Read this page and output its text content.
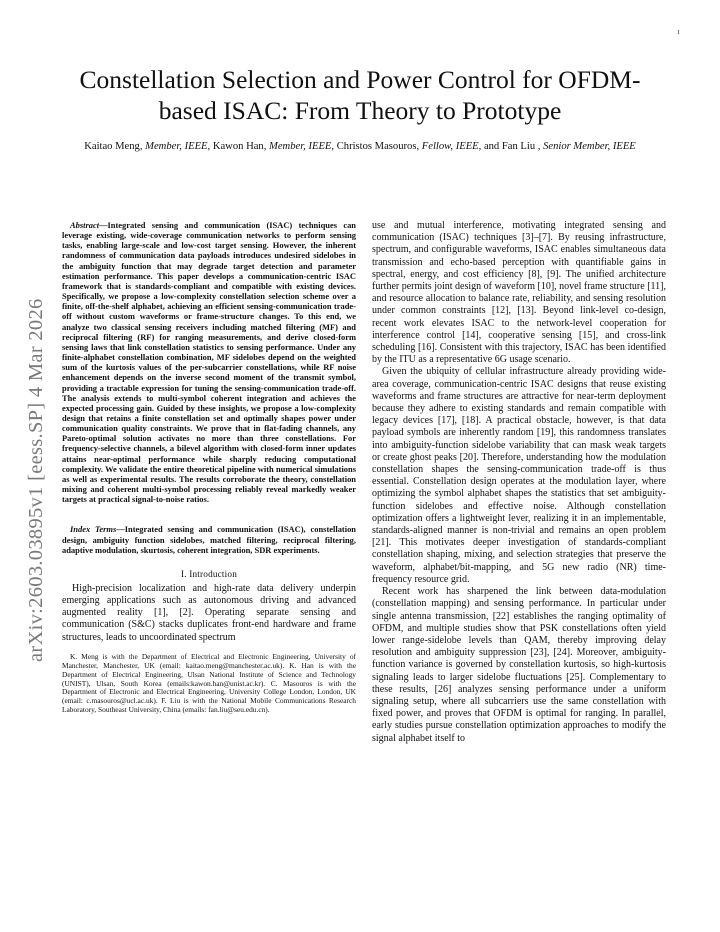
1
arXiv:2603.03895v1 [eess.SP] 4 Mar 2026
Constellation Selection and Power Control for OFDM-based ISAC: From Theory to Prototype
Kaitao Meng, Member, IEEE, Kawon Han, Member, IEEE, Christos Masouros, Fellow, IEEE, and Fan Liu , Senior Member, IEEE

Abstract—Integrated sensing and communication (ISAC) techniques can leverage existing, wide-coverage communication networks to perform sensing tasks, enabling large-scale and low-cost target sensing. However, the inherent randomness of communication data payloads introduces undesired sidelobes in the ambiguity function that may degrade target detection and parameter estimation performance. This paper develops a communication-centric ISAC framework that is standards-compliant and compatible with existing devices. Specifically, we propose a low-complexity constellation selection scheme over a finite, off-the-shelf alphabet, achieving an efficient sensing-communication trade-off without custom waveforms or frame-structure changes. To this end, we analyze two classical sensing receivers including matched filtering (MF) and reciprocal filtering (RF) for ranging measurements, and derive closed-form sensing laws that link constellation statistics to sensing performance. Under any finite-alphabet constellation combination, MF sidelobes depend on the weighted sum of the kurtosis values of the per-subcarrier constellations, while RF noise enhancement depends on the inverse second moment of the transmit symbol, providing a tractable expression for tuning the sensing-communication trade-off. The analysis extends to multi-symbol coherent integration and achieves the expected processing gain. Guided by these insights, we propose a low-complexity design that retains a finite constellation set and optimally shapes power under communication quality constraints. We prove that in flat-fading channels, any Pareto-optimal solution activates no more than three constellations. For frequency-selective channels, a bilevel algorithm with closed-form inner updates attains near-optimal performance while sharply reducing computational complexity. We validate the entire theoretical pipeline with numerical simulations as well as experimental results. The results corroborate the theory, constellation mixing and coherent multi-symbol processing reliably reveal markedly weaker targets at practical signal-to-noise ratios.

Index Terms—Integrated sensing and communication (ISAC), constellation design, ambiguity function sidelobes, matched filtering, reciprocal filtering, adaptive modulation, skurtosis, coherent integration, SDR experiments.

I. Introduction

High-precision localization and high-rate data delivery underpin emerging applications such as autonomous driving and advanced augmented reality [1], [2]. Operating separate sensing and communication (S&C) stacks duplicates front-end hardware and frame structures, leads to uncoordinated spectrum

K. Meng is with the Department of Electrical and Electronic Engineering, University of Manchester, Manchester, UK (email: kaitao.meng@manchester.ac.uk). K. Han is with the Department of Electrical Engineering, Ulsan National Institute of Science and Technology (UNIST), Ulsan, South Korea (emails:kawon.han@unist.ac.kr). C. Masouros is with the Department of Electronic and Electrical Engineering, University College London, London, UK (email: c.masouros@ucl.ac.uk). F. Liu is with the National Mobile Communications Research Laboratory, Southeast University, China (emails: fan.liu@seu.edu.cn).

use and mutual interference, motivating integrated sensing and communication (ISAC) techniques [3]–[7]. By reusing infrastructure, spectrum, and configurable waveforms, ISAC enables simultaneous data transmission and echo-based perception with quantifiable gains in spectral, energy, and cost efficiency [8], [9]. The unified architecture further permits joint design of waveform [10], novel frame structure [11], and resource allocation to balance rate, reliability, and sensing resolution under common constraints [12], [13]. Beyond link-level co-design, recent work elevates ISAC to the network-level cooperation for interference control [14], cooperative sensing [15], and cross-link scheduling [16]. Consistent with this trajectory, ISAC has been identified by the ITU as a representative 6G usage scenario.

Given the ubiquity of cellular infrastructure already providing wide-area coverage, communication-centric ISAC designs that reuse existing waveforms and frame structures are attractive for near-term deployment because they adhere to existing standards and remain compatible with legacy devices [17], [18]. A practical obstacle, however, is that data payload symbols are inherently random [19], this randomness translates into ambiguity-function sidelobe variability that can mask weak targets or create ghost peaks [20]. Therefore, understanding how the modulation constellation shapes the sensing-communication trade-off is thus essential. Constellation design operates at the modulation layer, where optimizing the symbol alphabet shapes the statistics that set ambiguity-function sidelobes and effective noise. Although constellation optimization offers a lightweight lever, realizing it in an implementable, standards-aligned manner is non-trivial and remains an open problem [21]. This motivates deeper investigation of standards-compliant constellation shaping, mixing, and selection strategies that preserve the waveform, alphabet/bit-mapping, and 5G new radio (NR) time-frequency resource grid.

Recent work has sharpened the link between data-modulation (constellation mapping) and sensing performance. In particular under single antenna transmission, [22] establishes the ranging optimality of OFDM, and multiple studies show that PSK constellations often yield lower range-sidelobe levels than QAM, thereby improving delay resolution and ambiguity suppression [23], [24]. Moreover, ambiguity-function variance is governed by constellation kurtosis, so high-kurtosis signaling leads to larger sidelobe fluctuations [25]. Complementary to these results, [26] analyzes sensing performance under a uniform signaling setup, where all subcarriers use the same constellation with fixed power, and proves that OFDM is optimal for ranging. In parallel, early studies pursue constellation optimization approaches to modify the signal alphabet itself to
